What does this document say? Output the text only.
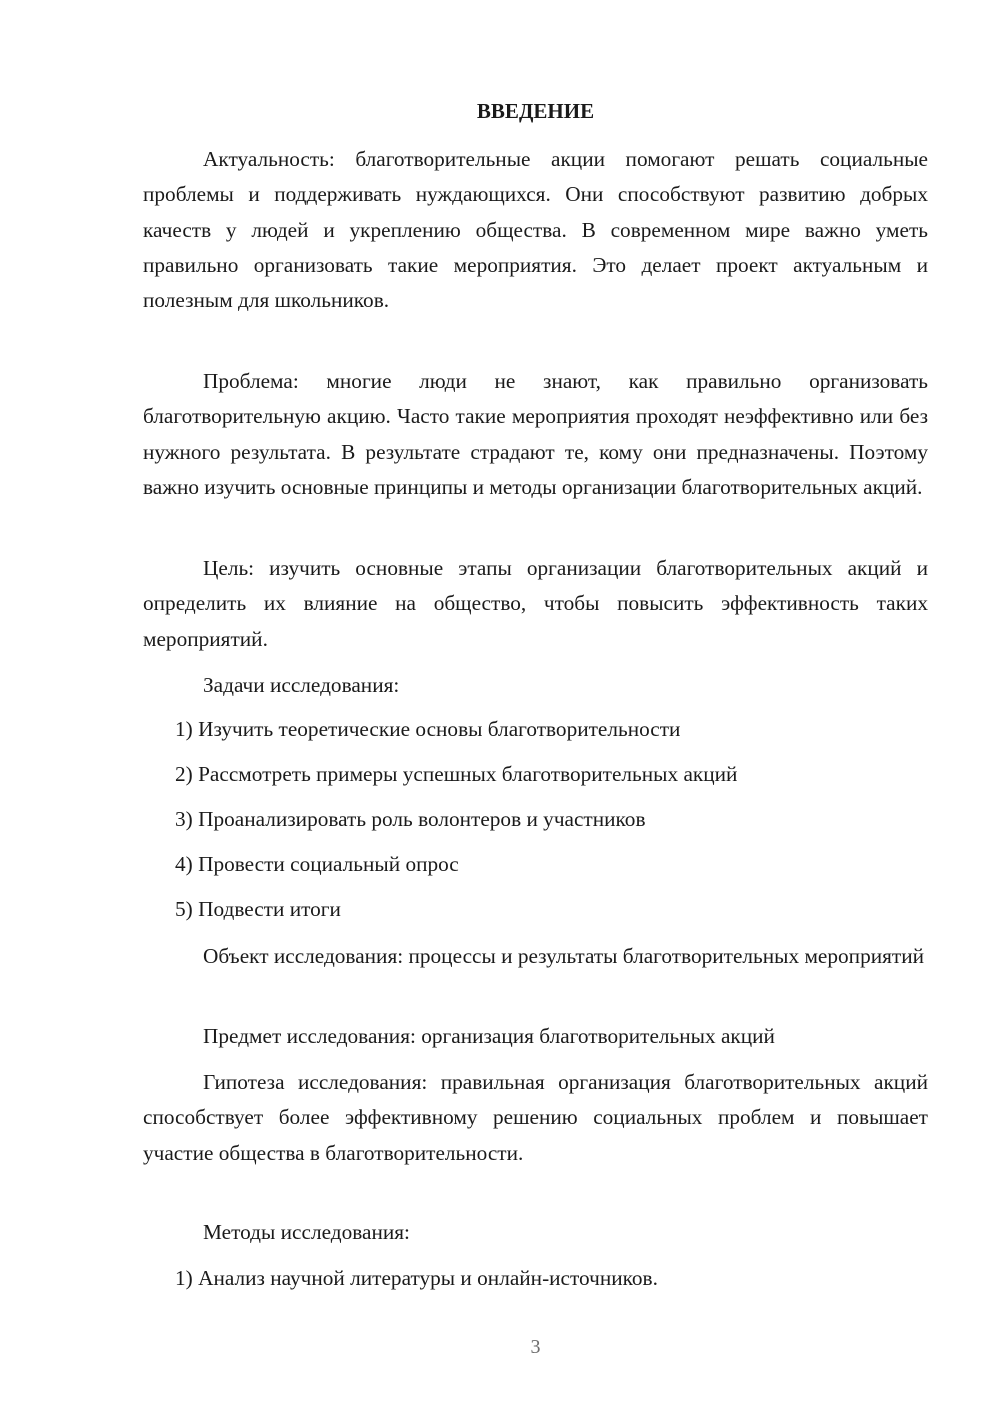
ВВЕДЕНИЕ

Актуальность: благотворительные акции помогают решать социальные проблемы и поддерживать нуждающихся. Они способствуют развитию добрых качеств у людей и укреплению общества. В современном мире важно уметь правильно организовать такие мероприятия. Это делает проект актуальным и полезным для школьников.

Проблема: многие люди не знают, как правильно организовать благотворительную акцию. Часто такие мероприятия проходят неэффективно или без нужного результата. В результате страдают те, кому они предназначены. Поэтому важно изучить основные принципы и методы организации благотворительных акций.

Цель: изучить основные этапы организации благотворительных акций и определить их влияние на общество, чтобы повысить эффективность таких мероприятий.

Задачи исследования:

1) Изучить теоретические основы благотворительности

2) Рассмотреть примеры успешных благотворительных акций

3) Проанализировать роль волонтеров и участников

4) Провести социальный опрос

5) Подвести итоги

Объект исследования: процессы и результаты благотворительных мероприятий

Предмет исследования: организация благотворительных акций

Гипотеза исследования: правильная организация благотворительных акций способствует более эффективному решению социальных проблем и повышает участие общества в благотворительности.

Методы исследования:

1) Анализ научной литературы и онлайн-источников.

3
